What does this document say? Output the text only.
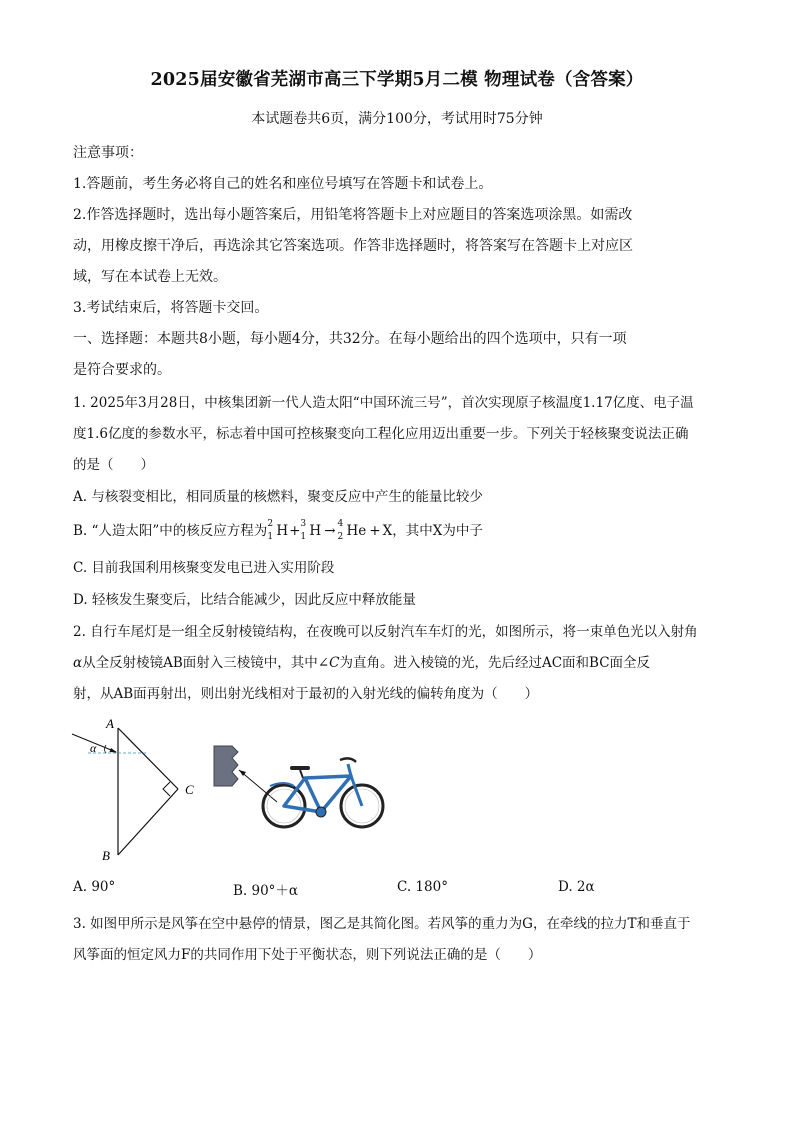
2025届安徽省芜湖市高三下学期5月二模 物理试卷（含答案）
本试题卷共6页，满分100分，考试用时75分钟
注意事项：
1.答题前，考生务必将自己的姓名和座位号填写在答题卡和试卷上。
2.作答选择题时，选出每小题答案后，用铅笔将答题卡上对应题目的答案选项涂黑。如需改
动，用橡皮擦干净后，再选涂其它答案选项。作答非选择题时，将答案写在答题卡上对应区
域，写在本试卷上无效。
3.考试结束后，将答题卡交回。
一、选择题：本题共8小题，每小题4分，共32分。在每小题给出的四个选项中，只有一项
是符合要求的。
1. 2025年3月28日，中核集团新一代人造太阳“中国环流三号”，首次实现原子核温度1.17亿度、电子温
度1.6亿度的参数水平，标志着中国可控核聚变向工程化应用迈出重要一步。下列关于轻核聚变说法正确
的是（　　）
A. 与核裂变相比，相同质量的核燃料，聚变反应中产生的能量比较少
B. “人造太阳”中的核反应方程为 2
1 H+ 3
1 H → 4
2 He + X，其中X为中子
C. 目前我国利用核聚变发电已进入实用阶段
D. 轻核发生聚变后，比结合能减少，因此反应中释放能量
2. 自行车尾灯是一组全反射棱镜结构，在夜晚可以反射汽车车灯的光，如图所示，将一束单色光以入射角
α从全反射棱镜AB面射入三棱镜中，其中∠C为直角。进入棱镜的光，先后经过AC面和BC面全反
射，从AB面再射出，则出射光线相对于最初的入射光线的偏转角度为（　　）
A
α
C
B
A. 90°	B. 90°＋α	C. 180°	D. 2α
3. 如图甲所示是风筝在空中悬停的情景，图乙是其简化图。若风筝的重力为G，在牵线的拉力T和垂直于
风筝面的恒定风力F的共同作用下处于平衡状态，则下列说法正确的是（　　）
